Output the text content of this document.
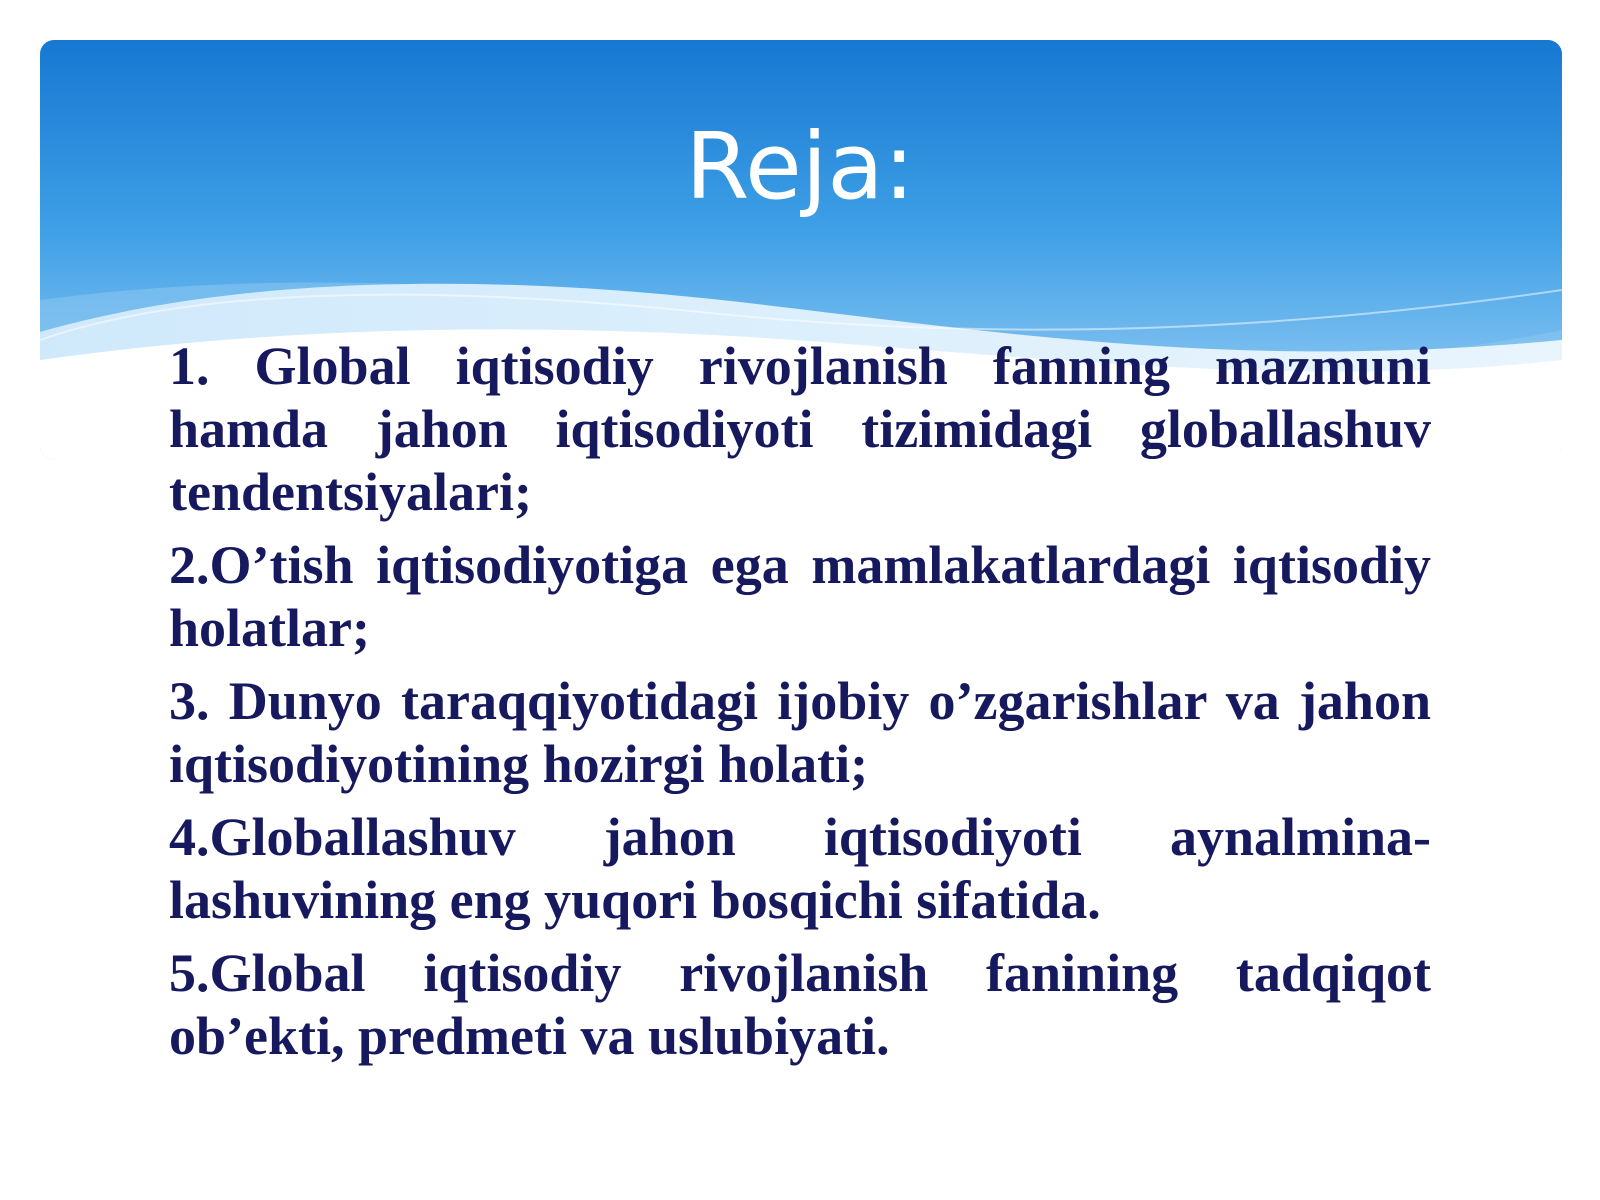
Reja:
1. Global iqtisodiy rivojlanish fanning mazmuni hamda jahon iqtisodiyoti tizimidagi globallashuv tendentsiyalari;
2.O’tish iqtisodiyotiga ega mamlakatlardagi iqtisodiy holatlar;
3. Dunyo taraqqiyotidagi ijobiy o’zgarishlar va jahon iqtisodiyotining hozirgi holati;
4.Globallashuv jahon iqtisodiyoti aynalmina-lashuvining eng yuqori bosqichi sifatida.
5.Global iqtisodiy rivojlanish fanining tadqiqot ob’ekti, predmeti va uslubiyati.
